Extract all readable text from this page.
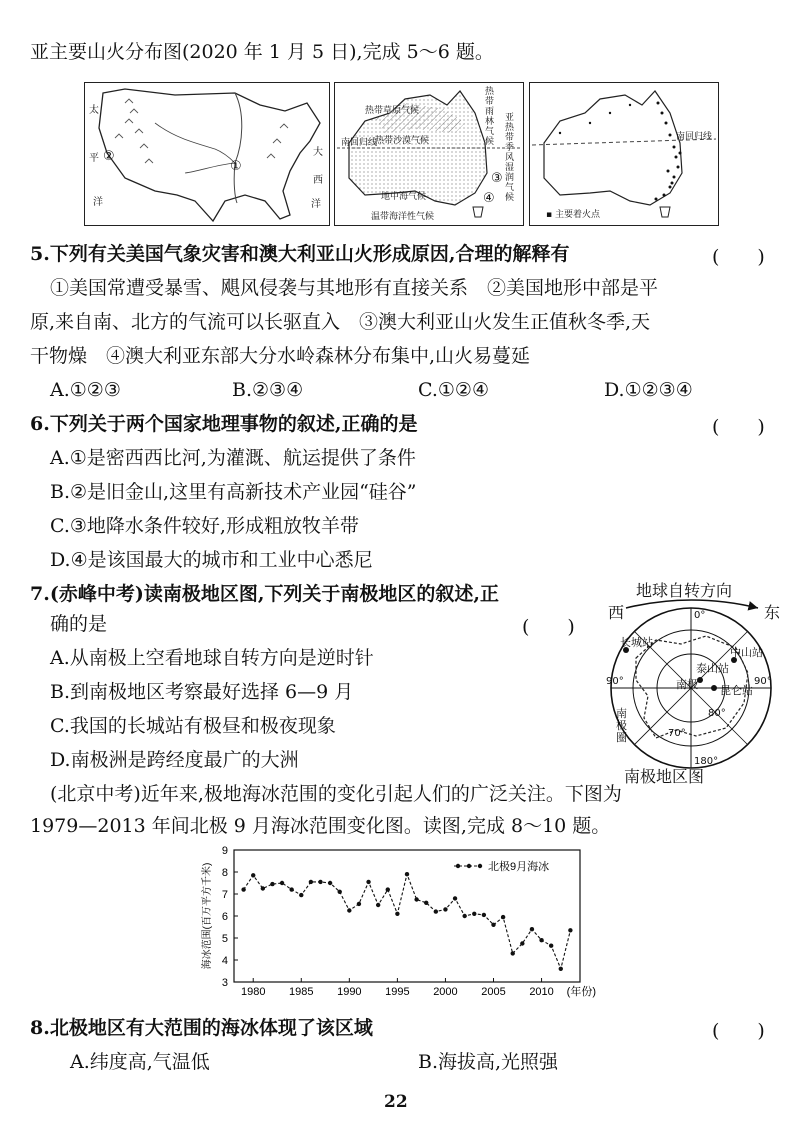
亚主要山火分布图(2020 年 1 月 5 日),完成 5～6 题。
①
②
太
平
洋
大
西
洋
热带草原气候
热带沙漠气候
南回归线
热带雨林气候
亚热带季风湿润气候
地中海气候
温带海洋性气候
③
④
南回归线
▪ 主要着火点
5.下列有关美国气象灾害和澳大利亚山火形成原因,合理的解释有	(　　)
①美国常遭受暴雪、飓风侵袭与其地形有直接关系　②美国地形中部是平
原,来自南、北方的气流可以长驱直入　③澳大利亚山火发生正值秋冬季,天
干物燥　④澳大利亚东部大分水岭森林分布集中,山火易蔓延
A.①②③	B.②③④	C.①②④	D.①②③④
6.下列关于两个国家地理事物的叙述,正确的是	(　　)
A.①是密西西比河,为灌溉、航运提供了条件
B.②是旧金山,这里有高新技术产业园“硅谷”
C.③地降水条件较好,形成粗放牧羊带
D.④是该国最大的城市和工业中心悉尼
7.(赤峰中考)读南极地区图,下列关于南极地区的叙述,正
确的是	(　　)
A.从南极上空看地球自转方向是逆时针
B.到南极地区考察最好选择 6—9 月
C.我国的长城站有极昼和极夜现象
D.南极洲是跨经度最广的大洲
地球自转方向
西	东
0°
90°	90°
180°
70°
80°
长城站
中山站
泰山站
昆仑站
南极
南极圈
南极地区图
(北京中考)近年来,极地海冰范围的变化引起人们的广泛关注。下图为
1979—2013 年间北极 9 月海冰范围变化图。读图,完成 8～10 题。
3
4
5
6
7
8
9
1980 1985 1990 1995 2000 2005 2010 (年份)
海冰范围(百万平方千米)	北极9月海冰
8.北极地区有大范围的海冰体现了该区域	(　　)
A.纬度高,气温低	B.海拔高,光照强
22
